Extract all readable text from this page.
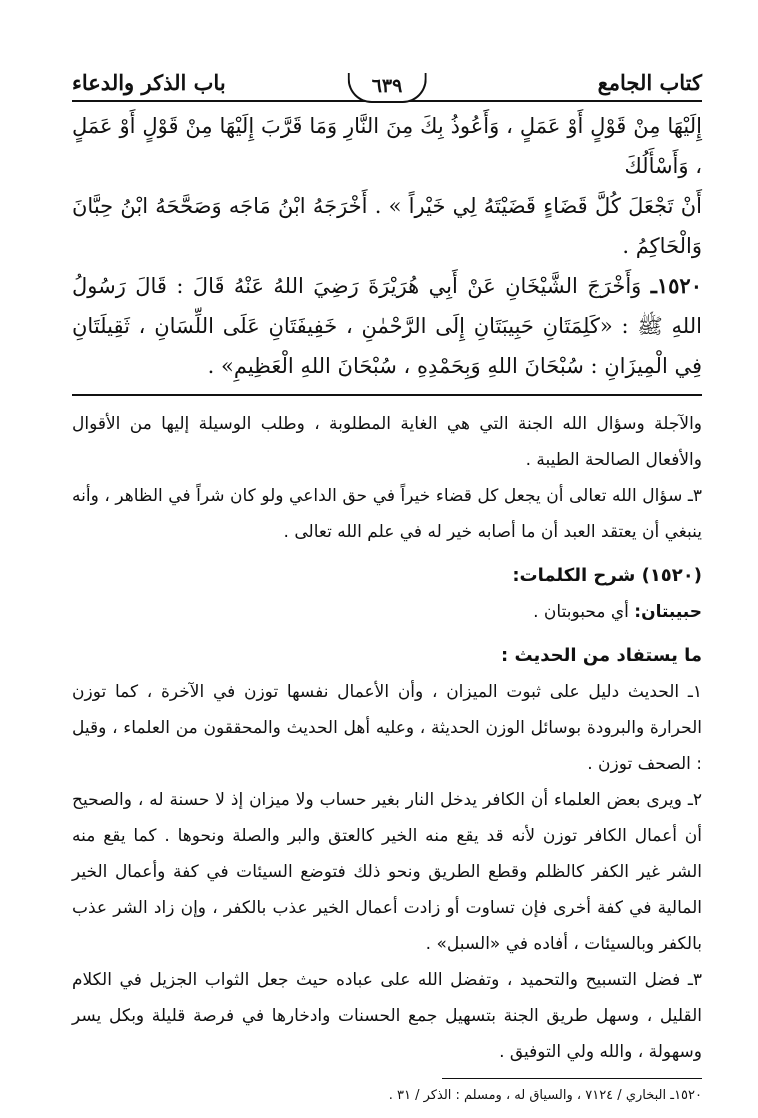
كتاب الجامع
٦٣٩
باب الذكر والدعاء

إِلَيْهَا مِنْ قَوْلٍ أَوْ عَمَلٍ ، وَأَعُوذُ بِكَ مِنَ النَّارِ وَمَا قَرَّبَ إِلَيْهَا مِنْ قَوْلٍ أَوْ عَمَلٍ ، وَأَسْأَلُكَ

أَنْ تَجْعَلَ كُلَّ قَضَاءٍ قَضَيْتَهُ لِي خَيْراً » . أَخْرَجَهُ ابْنُ مَاجَه وَصَحَّحَهُ ابْنُ حِبَّانَ وَالْحَاكِمُ .

١٥٢٠ـ وَأَخْرَجَ الشَّيْخَانِ عَنْ أَبِي هُرَيْرَةَ رَضِيَ اللهُ عَنْهُ قَالَ : قَالَ رَسُولُ اللهِ ﷺ : «كَلِمَتَانِ حَبِيبَتَانِ إِلَى الرَّحْمٰنِ ، خَفِيفَتَانِ عَلَى اللِّسَانِ ، ثَقِيلَتَانِ فِي الْمِيزَانِ : سُبْحَانَ اللهِ وَبِحَمْدِهِ ، سُبْحَانَ اللهِ الْعَظِيمِ» .

والآجلة وسؤال الله الجنة التي هي الغاية المطلوبة ، وطلب الوسيلة إليها من الأقوال والأفعال الصالحة الطيبة .

٣ـ سؤال الله تعالى أن يجعل كل قضاء خيراً في حق الداعي ولو كان شراً في الظاهر ، وأنه ينبغي أن يعتقد العبد أن ما أصابه خير له في علم الله تعالى .

(١٥٢٠) شرح الكلمات:

حبيبتان: أي محبوبتان .

ما يستفاد من الحديث :

١ـ الحديث دليل على ثبوت الميزان ، وأن الأعمال نفسها توزن في الآخرة ، كما توزن الحرارة والبرودة بوسائل الوزن الحديثة ، وعليه أهل الحديث والمحققون من العلماء ، وقيل : الصحف توزن .

٢ـ ويرى بعض العلماء أن الكافر يدخل النار بغير حساب ولا ميزان إذ لا حسنة له ، والصحيح أن أعمال الكافر توزن لأنه قد يقع منه الخير كالعتق والبر والصلة ونحوها . كما يقع منه الشر غير الكفر كالظلم وقطع الطريق ونحو ذلك فتوضع السيئات في كفة وأعمال الخير المالية في كفة أخرى فإن تساوت أو زادت أعمال الخير عذب بالكفر ، وإن زاد الشر عذب بالكفر وبالسيئات ، أفاده في «السبل» .

٣ـ فضل التسبيح والتحميد ، وتفضل الله على عباده حيث جعل الثواب الجزيل في الكلام القليل ، وسهل طريق الجنة بتسهيل جمع الحسنات وادخارها في فرصة قليلة وبكل يسر وسهولة ، والله ولي التوفيق .

١٥٢٠ـ البخاري / ٧١٢٤ ، والسياق له ، ومسلم : الذكر / ٣١ .
